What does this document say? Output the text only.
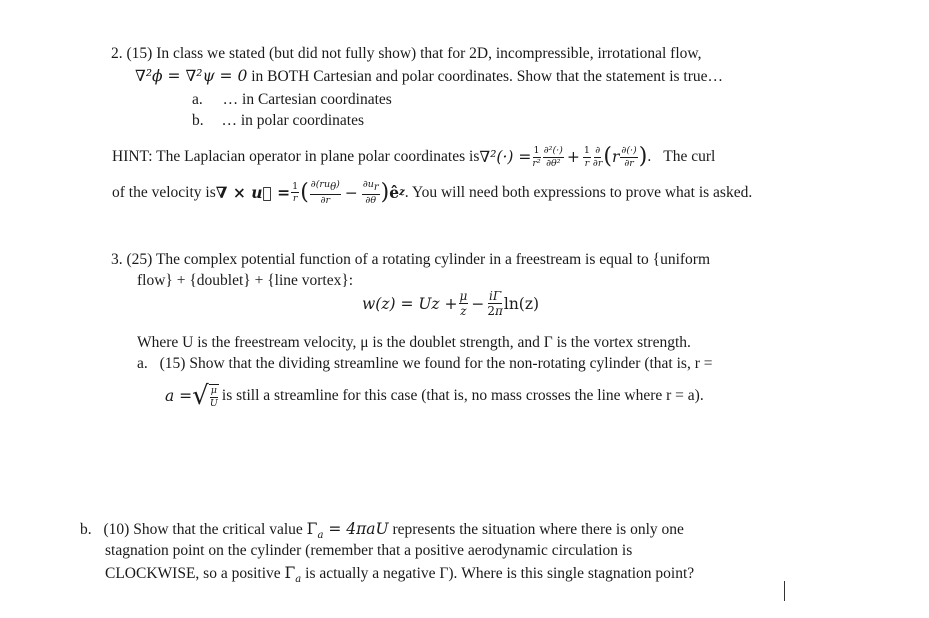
2. (15) In class we stated (but did not fully show) that for 2D, incompressible, irrotational flow,
∇²ϕ = ∇²ψ = 0 in BOTH Cartesian and polar coordinates. Show that the statement is true…
a. … in Cartesian coordinates
b. … in polar coordinates
HINT: The Laplacian operator in plane polar coordinates is $\nabla^2(\cdot) = \frac{1}{\text{r²}} \frac{\text{∂²(·)}}{\text{∂θ²}} + \frac{1}{r} \frac{\partial}{\partial r}$ ( r $\frac{\partial(\cdot)}{\partial r}$ ) . The curl
of the velocity is ∇ × u⃗ = $\frac{1}{r}$ ( $\frac{\partial(ru_\theta)}{\partial r} - \frac{\partial u_r}{\partial\theta}$ ) ê z . You will need both expressions to prove what is asked.
3. (25) The complex potential function of a rotating cylinder in a freestream is equal to {uniform
flow} + {doublet} + {line vortex}:
$w(z) = Uz + \frac{\mu}{z} - \frac{i\Gamma}{2\pi} \ln(z)$
Where U is the freestream velocity, μ is the doublet strength, and Γ is the vortex strength.
a. (15) Show that the dividing streamline we found for the non-rotating cylinder (that is, r =
a = √ $\frac{\mu}{U}$ is still a streamline for this case (that is, no mass crosses the line where r = a).
b. (10) Show that the critical value $\Gamma_a = 4\pi aU$ represents the situation where there is only one
stagnation point on the cylinder (remember that a positive aerodynamic circulation is
CLOCKWISE, so a positive $\Gamma_a$ is actually a negative Γ). Where is this single stagnation point?
